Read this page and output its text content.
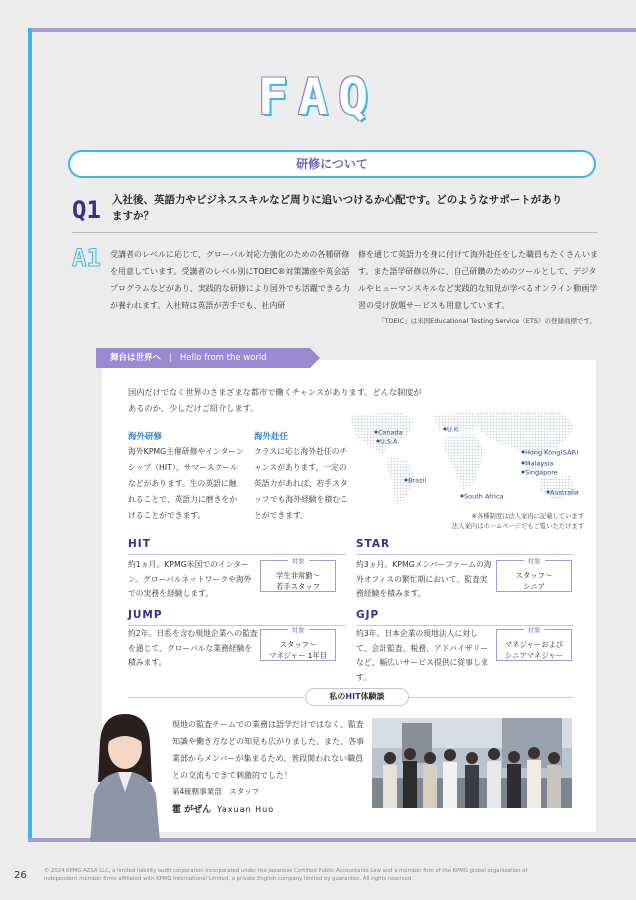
FAQ
研修について
Q1 入社後、英語力やビジネススキルなど周りに追いつけるか心配です。どのようなサポートがありますか？
A1 受講者のレベルに応じて、グローバル対応力強化のための各種研修を用意しています。受講者のレベル別にTOEIC®対策講座や英会話プログラムなどがあり、実践的な研修により国外でも活躍できる力が養われます。入社時は英語が苦手でも、社内研
修を通じて英語力を身に付けて海外赴任をした職員もたくさんいます。また語学研修以外に、自己研鑽のためのツールとして、デジタルやヒューマンスキルなど実践的な知見が学べるオンライン動画学習の受け放題サービスも用意しています。
「TOEIC」は米国Educational Testing Service（ETS）の登録商標です。
舞台は世界へ | Hello from the world
国内だけでなく世界のさまざまな都市で働くチャンスがあります。どんな制度があるのか、少しだけご紹介します。
海外研修
海外KPMG主催研修やインターンシップ（HIT）、サマースクールなどがあります。生の英語に触れることで、英語力に磨きをかけることができます。
海外赴任
クラスに応じ海外赴任のチャンスがあります。一定の英語力があれば、若手スタッフでも海外経験を積むことができます。
Canada
U.S.A.
U.K.
Hong Kong(SAR)
Malaysia
Singapore
Brazil
South Africa	Australia
※各種制度は法人案内に記載しています
法人案内はホームページでもご覧いただけます
HIT
約1ヵ月。KPMG米国でのインターン。グローバルネットワークや海外での実務を経験します。
対象
学生非常勤～
若手スタッフ
STAR
約3ヵ月。KPMGメンバーファームの海外オフィスの繁忙期において、監査実務経験を積みます。
対象
スタッフ～
シニア
JUMP
約2年。日系を含む現地企業への監査を通じて、グローバルな業務経験を積みます。
対象
スタッフ～
マネジャー 1年目
GJP
約3年。日本企業の現地法人に対して、会計監査、税務、アドバイザリーなど、幅広いサービス提供に従事します。
対象
マネジャーおよび
シニアマネジャー
私のHIT体験談
現地の監査チームでの業務は語学だけではなく、監査知識や働き方などの知見も広がりました。また、各事業部からメンバーが集まるため、普段関われない職員との交流もできて刺激的でした！
第4統轄事業部　スタッフ
霍 がぜん Yaxuan Huo
26	© 2024 KPMG AZSA LLC, a limited liability audit corporation incorporated under the Japanese Certified Public Accountants Law and a member firm of the KPMG global organization of independent member firms affiliated with KPMG International Limited, a private English company limited by guarantee. All rights reserved.
